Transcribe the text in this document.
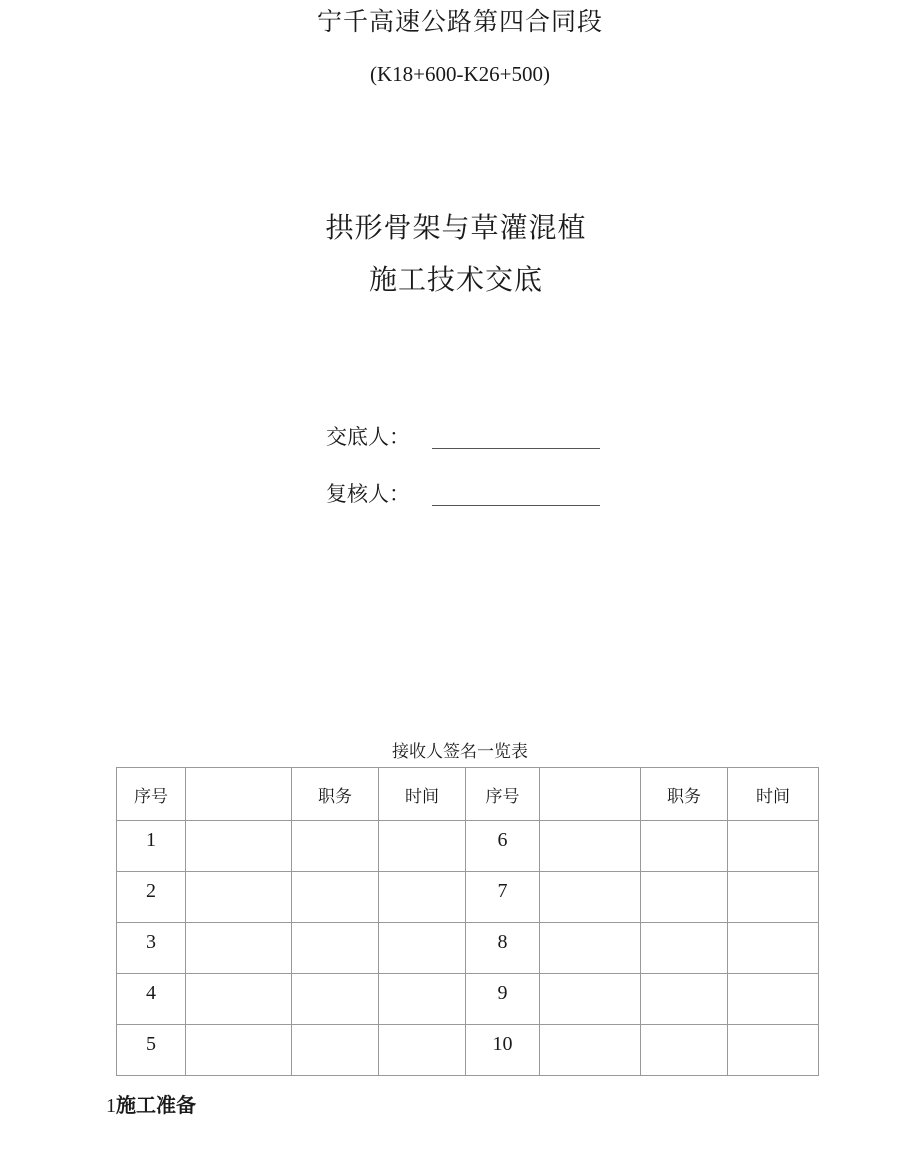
宁千高速公路第四合同段
(K18+600-K26+500)
拱形骨架与草灌混植
施工技术交底
交底人：
复核人：
接收人签名一览表
序号		职务	时间	序号		职务	时间
1				6			
2				7			
3				8			
4				9			
5				10			
1施工准备
